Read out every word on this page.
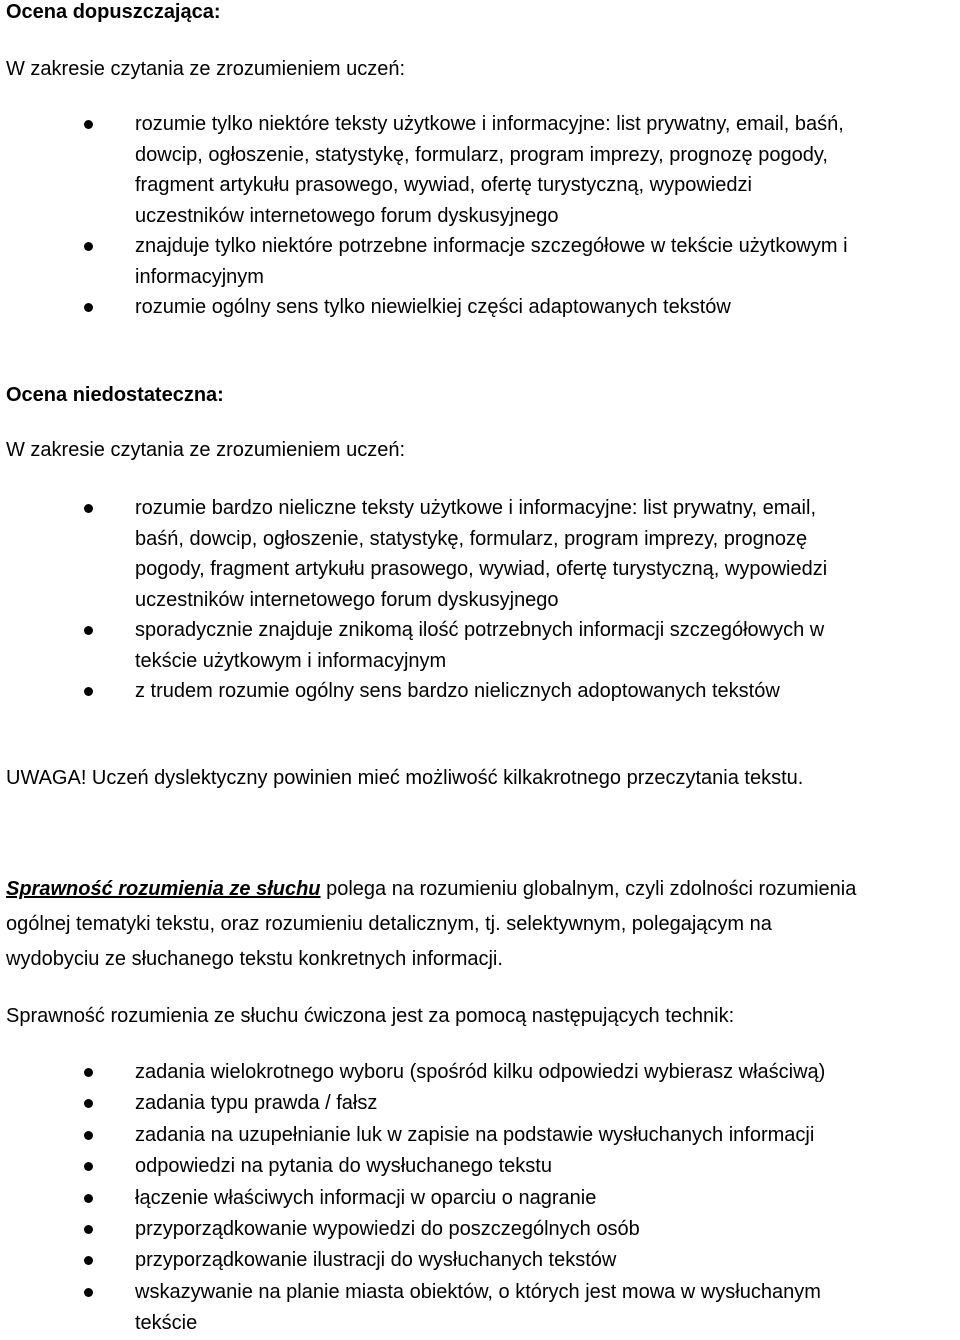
Ocena dopuszczająca:
W zakresie czytania ze zrozumieniem uczeń:
rozumie tylko niektóre teksty użytkowe i informacyjne: list prywatny, email, baśń,
dowcip, ogłoszenie, statystykę, formularz, program imprezy, prognozę pogody,
fragment artykułu prasowego, wywiad, ofertę turystyczną, wypowiedzi
uczestników internetowego forum dyskusyjnego
znajduje tylko niektóre potrzebne informacje szczegółowe w tekście użytkowym i
informacyjnym
rozumie ogólny sens tylko niewielkiej części adaptowanych tekstów
Ocena niedostateczna:
W zakresie czytania ze zrozumieniem uczeń:
rozumie bardzo nieliczne teksty użytkowe i informacyjne: list prywatny, email,
baśń, dowcip, ogłoszenie, statystykę, formularz, program imprezy, prognozę
pogody, fragment artykułu prasowego, wywiad, ofertę turystyczną, wypowiedzi
uczestników internetowego forum dyskusyjnego
sporadycznie znajduje znikomą ilość potrzebnych informacji szczegółowych w
tekście użytkowym i informacyjnym
z trudem rozumie ogólny sens bardzo nielicznych adoptowanych tekstów
UWAGA! Uczeń dyslektyczny powinien mieć możliwość kilkakrotnego przeczytania tekstu.
Sprawność rozumienia ze słuchu polega na rozumieniu globalnym, czyli zdolności rozumienia
ogólnej tematyki tekstu, oraz rozumieniu detalicznym, tj. selektywnym, polegającym na
wydobyciu ze słuchanego tekstu konkretnych informacji.
Sprawność rozumienia ze słuchu ćwiczona jest za pomocą następujących technik:
zadania wielokrotnego wyboru (spośród kilku odpowiedzi wybierasz właściwą)
zadania typu prawda / fałsz
zadania na uzupełnianie luk w zapisie na podstawie wysłuchanych informacji
odpowiedzi na pytania do wysłuchanego tekstu
łączenie właściwych informacji w oparciu o nagranie
przyporządkowanie wypowiedzi do poszczególnych osób
przyporządkowanie ilustracji do wysłuchanych tekstów
wskazywanie na planie miasta obiektów, o których jest mowa w wysłuchanym
tekście
